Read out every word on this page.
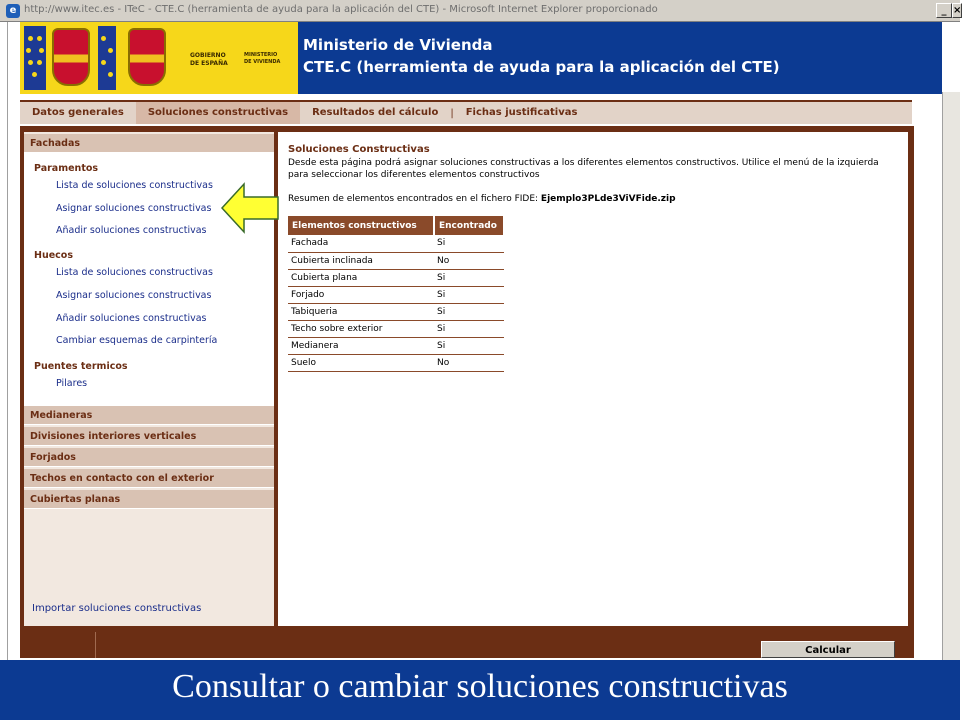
e http://www.itec.es - ITeC - CTE.C (herramienta de ayuda para la aplicación del CTE) - Microsoft Internet Explorer proporcionado	_ ×
GOBIERNO
DE ESPAÑA
MINISTERIO
DE VIVIENDA
Ministerio de Vivienda
CTE.C (herramienta de ayuda para la aplicación del CTE)
Datos generales	Soluciones constructivas	Resultados del cálculo	|	Fichas justificativas
Fachadas
Paramentos
Lista de soluciones constructivas
Asignar soluciones constructivas
Añadir soluciones constructivas
Huecos
Lista de soluciones constructivas
Asignar soluciones constructivas
Añadir soluciones constructivas
Cambiar esquemas de carpintería
Puentes termicos
Pilares
Medianeras
Divisiones interiores verticales
Forjados
Techos en contacto con el exterior
Cubiertas planas
Importar soluciones constructivas
Soluciones Constructivas
Desde esta página podrá asignar soluciones constructivas a los diferentes elementos constructivos. Utilice el menú de la izquierda para seleccionar los diferentes elementos constructivos
Resumen de elementos encontrados en el fichero FIDE: Ejemplo3PLde3ViVFide.zip
Elementos constructivos	Encontrado
Fachada	Si
Cubierta inclinada	No
Cubierta plana	Si
Forjado	Si
Tabiqueria	Si
Techo sobre exterior	Si
Medianera	Si
Suelo	No
Calcular
Consultar o cambiar soluciones constructivas
